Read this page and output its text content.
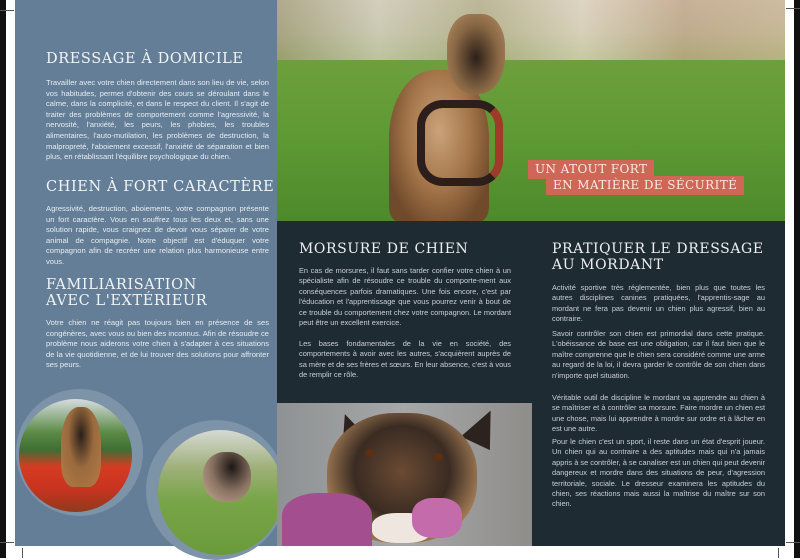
DRESSAGE À DOMICILE

Travailler avec votre chien directement dans son lieu de vie, selon vos habitudes, permet d'obtenir des cours se déroulant dans le calme, dans la complicité, et dans le respect du client. Il s'agit de traiter des problèmes de comportement comme l'agressivité, la nervosité, l'anxiété, les peurs, les phobies, les troubles alimentaires, l'auto-mutilation, les problèmes de destruction, la malpropreté, l'aboiement excessif, l'anxiété de séparation et bien plus, en rétablissant l'équilibre psychologique du chien.

CHIEN À FORT CARACTÈRE

Agressivité, destruction, aboiements, votre compagnon présente un fort caractère. Vous en souffrez tous les deux et, sans une solution rapide, vous craignez de devoir vous séparer de votre animal de compagnie. Notre objectif est d'éduquer votre compagnon afin de recréer une relation plus harmonieuse entre vous.

FAMILIARISATION
AVEC L'EXTÉRIEUR

Votre chien ne réagit pas toujours bien en présence de ses congénères, avec vous ou bien des inconnus. Afin de résoudre ce problème nous aiderons votre chien à s'adapter à ces situations de la vie quotidienne, et de lui trouver des solutions pour affronter ses peurs.

UN ATOUT FORT
EN MATIÈRE DE SÉCURITÉ
MORSURE DE CHIEN

En cas de morsures, il faut sans tarder confier votre chien à un spécialiste afin de résoudre ce trouble du comporte-ment aux conséquences parfois dramatiques. Une fois encore, c'est par l'éducation et l'apprentissage que vous pourrez venir à bout de ce trouble du comportement chez votre compagnon. Le mordant peut être un excellent exercice.

Les bases fondamentales de la vie en société, des comportements à avoir avec les autres, s'acquièrent auprès de sa mère et de ses frères et sœurs. En leur absence, c'est à vous de remplir ce rôle.

PRATIQUER LE DRESSAGE
AU MORDANT

Activité sportive très réglementée, bien plus que toutes les autres disciplines canines pratiquées, l'apprentis-sage au mordant ne fera pas devenir un chien plus agressif, bien au contraire.

Savoir contrôler son chien est primordial dans cette pratique. L'obéissance de base est une obligation, car il faut bien que le maître comprenne que le chien sera considéré comme une arme au regard de la loi, il devra garder le contrôle de son chien dans n'importe quel situation.

Véritable outil de discipline le mordant va apprendre au chien à se maîtriser et à contrôler sa morsure. Faire mordre un chien est une chose, mais lui apprendre à mordre sur ordre et à lâcher en est une autre.

Pour le chien c'est un sport, il reste dans un état d'esprit joueur. Un chien qui au contraire a des aptitudes mais qui n'a jamais appris à se contrôler, à se canaliser est un chien qui peut devenir dangereux et mordre dans des situations de peur, d'agression territoriale, sociale. Le dresseur examinera les aptitudes du chien, ses réactions mais aussi la maîtrise du maître sur son chien.
